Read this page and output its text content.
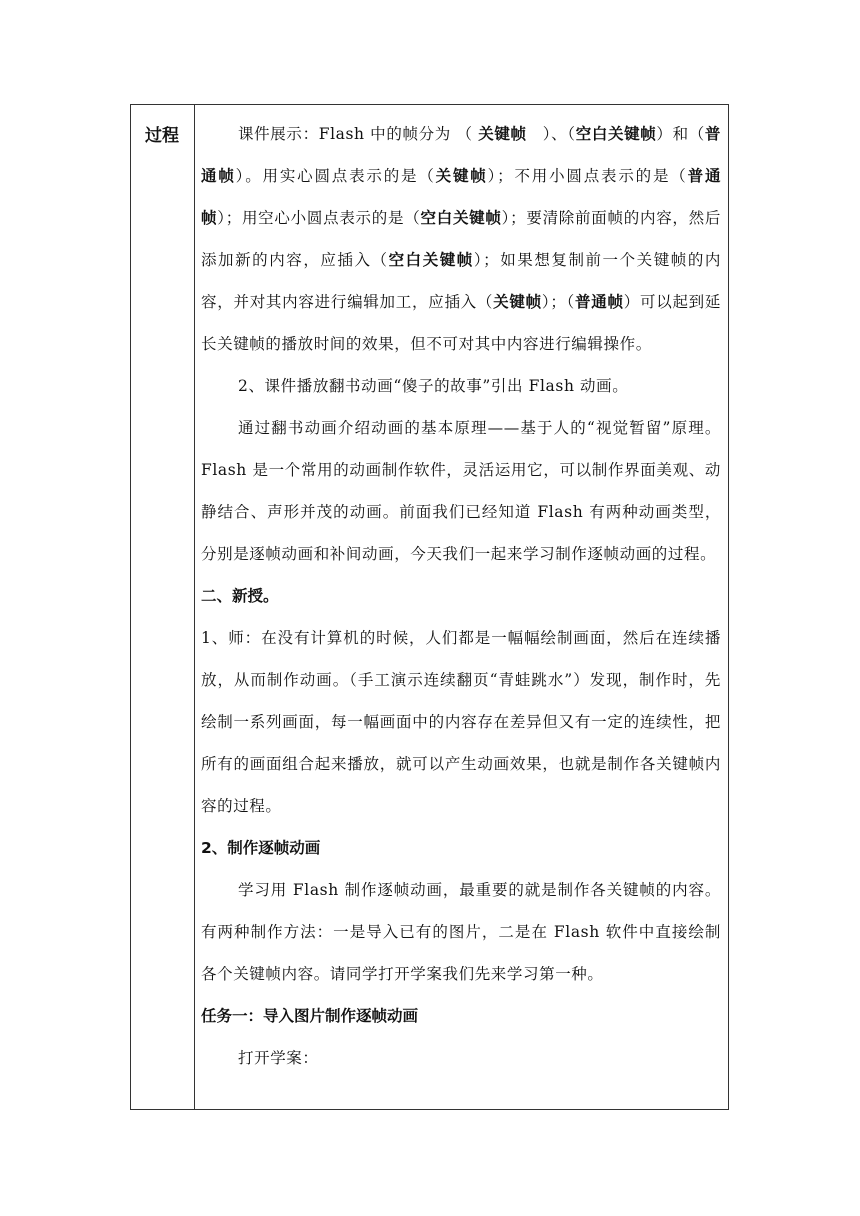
过程	课件展示：Flash 中的帧分为 （ 关键帧　）、（空白关键帧）和（普通帧）。用实心圆点表示的是（关键帧）；不用小圆点表示的是（普通帧）；用空心小圆点表示的是（空白关键帧）；要清除前面帧的内容，然后添加新的内容，应插入（空白关键帧）；如果想复制前一个关键帧的内容，并对其内容进行编辑加工，应插入（关键帧）；（普通帧）可以起到延长关键帧的播放时间的效果，但不可对其中内容进行编辑操作。

2、课件播放翻书动画“傻子的故事”引出 Flash 动画。

通过翻书动画介绍动画的基本原理——基于人的“视觉暂留”原理。Flash 是一个常用的动画制作软件，灵活运用它，可以制作界面美观、动静结合、声形并茂的动画。前面我们已经知道 Flash 有两种动画类型，分别是逐帧动画和补间动画，今天我们一起来学习制作逐帧动画的过程。

二、新授。

1、师：在没有计算机的时候，人们都是一幅幅绘制画面，然后在连续播放，从而制作动画。（手工演示连续翻页“青蛙跳水”）发现，制作时，先绘制一系列画面，每一幅画面中的内容存在差异但又有一定的连续性，把所有的画面组合起来播放，就可以产生动画效果，也就是制作各关键帧内容的过程。

2、制作逐帧动画

学习用 Flash 制作逐帧动画，最重要的就是制作各关键帧的内容。有两种制作方法：一是导入已有的图片，二是在 Flash 软件中直接绘制各个关键帧内容。请同学打开学案我们先来学习第一种。

任务一：导入图片制作逐帧动画

打开学案：
